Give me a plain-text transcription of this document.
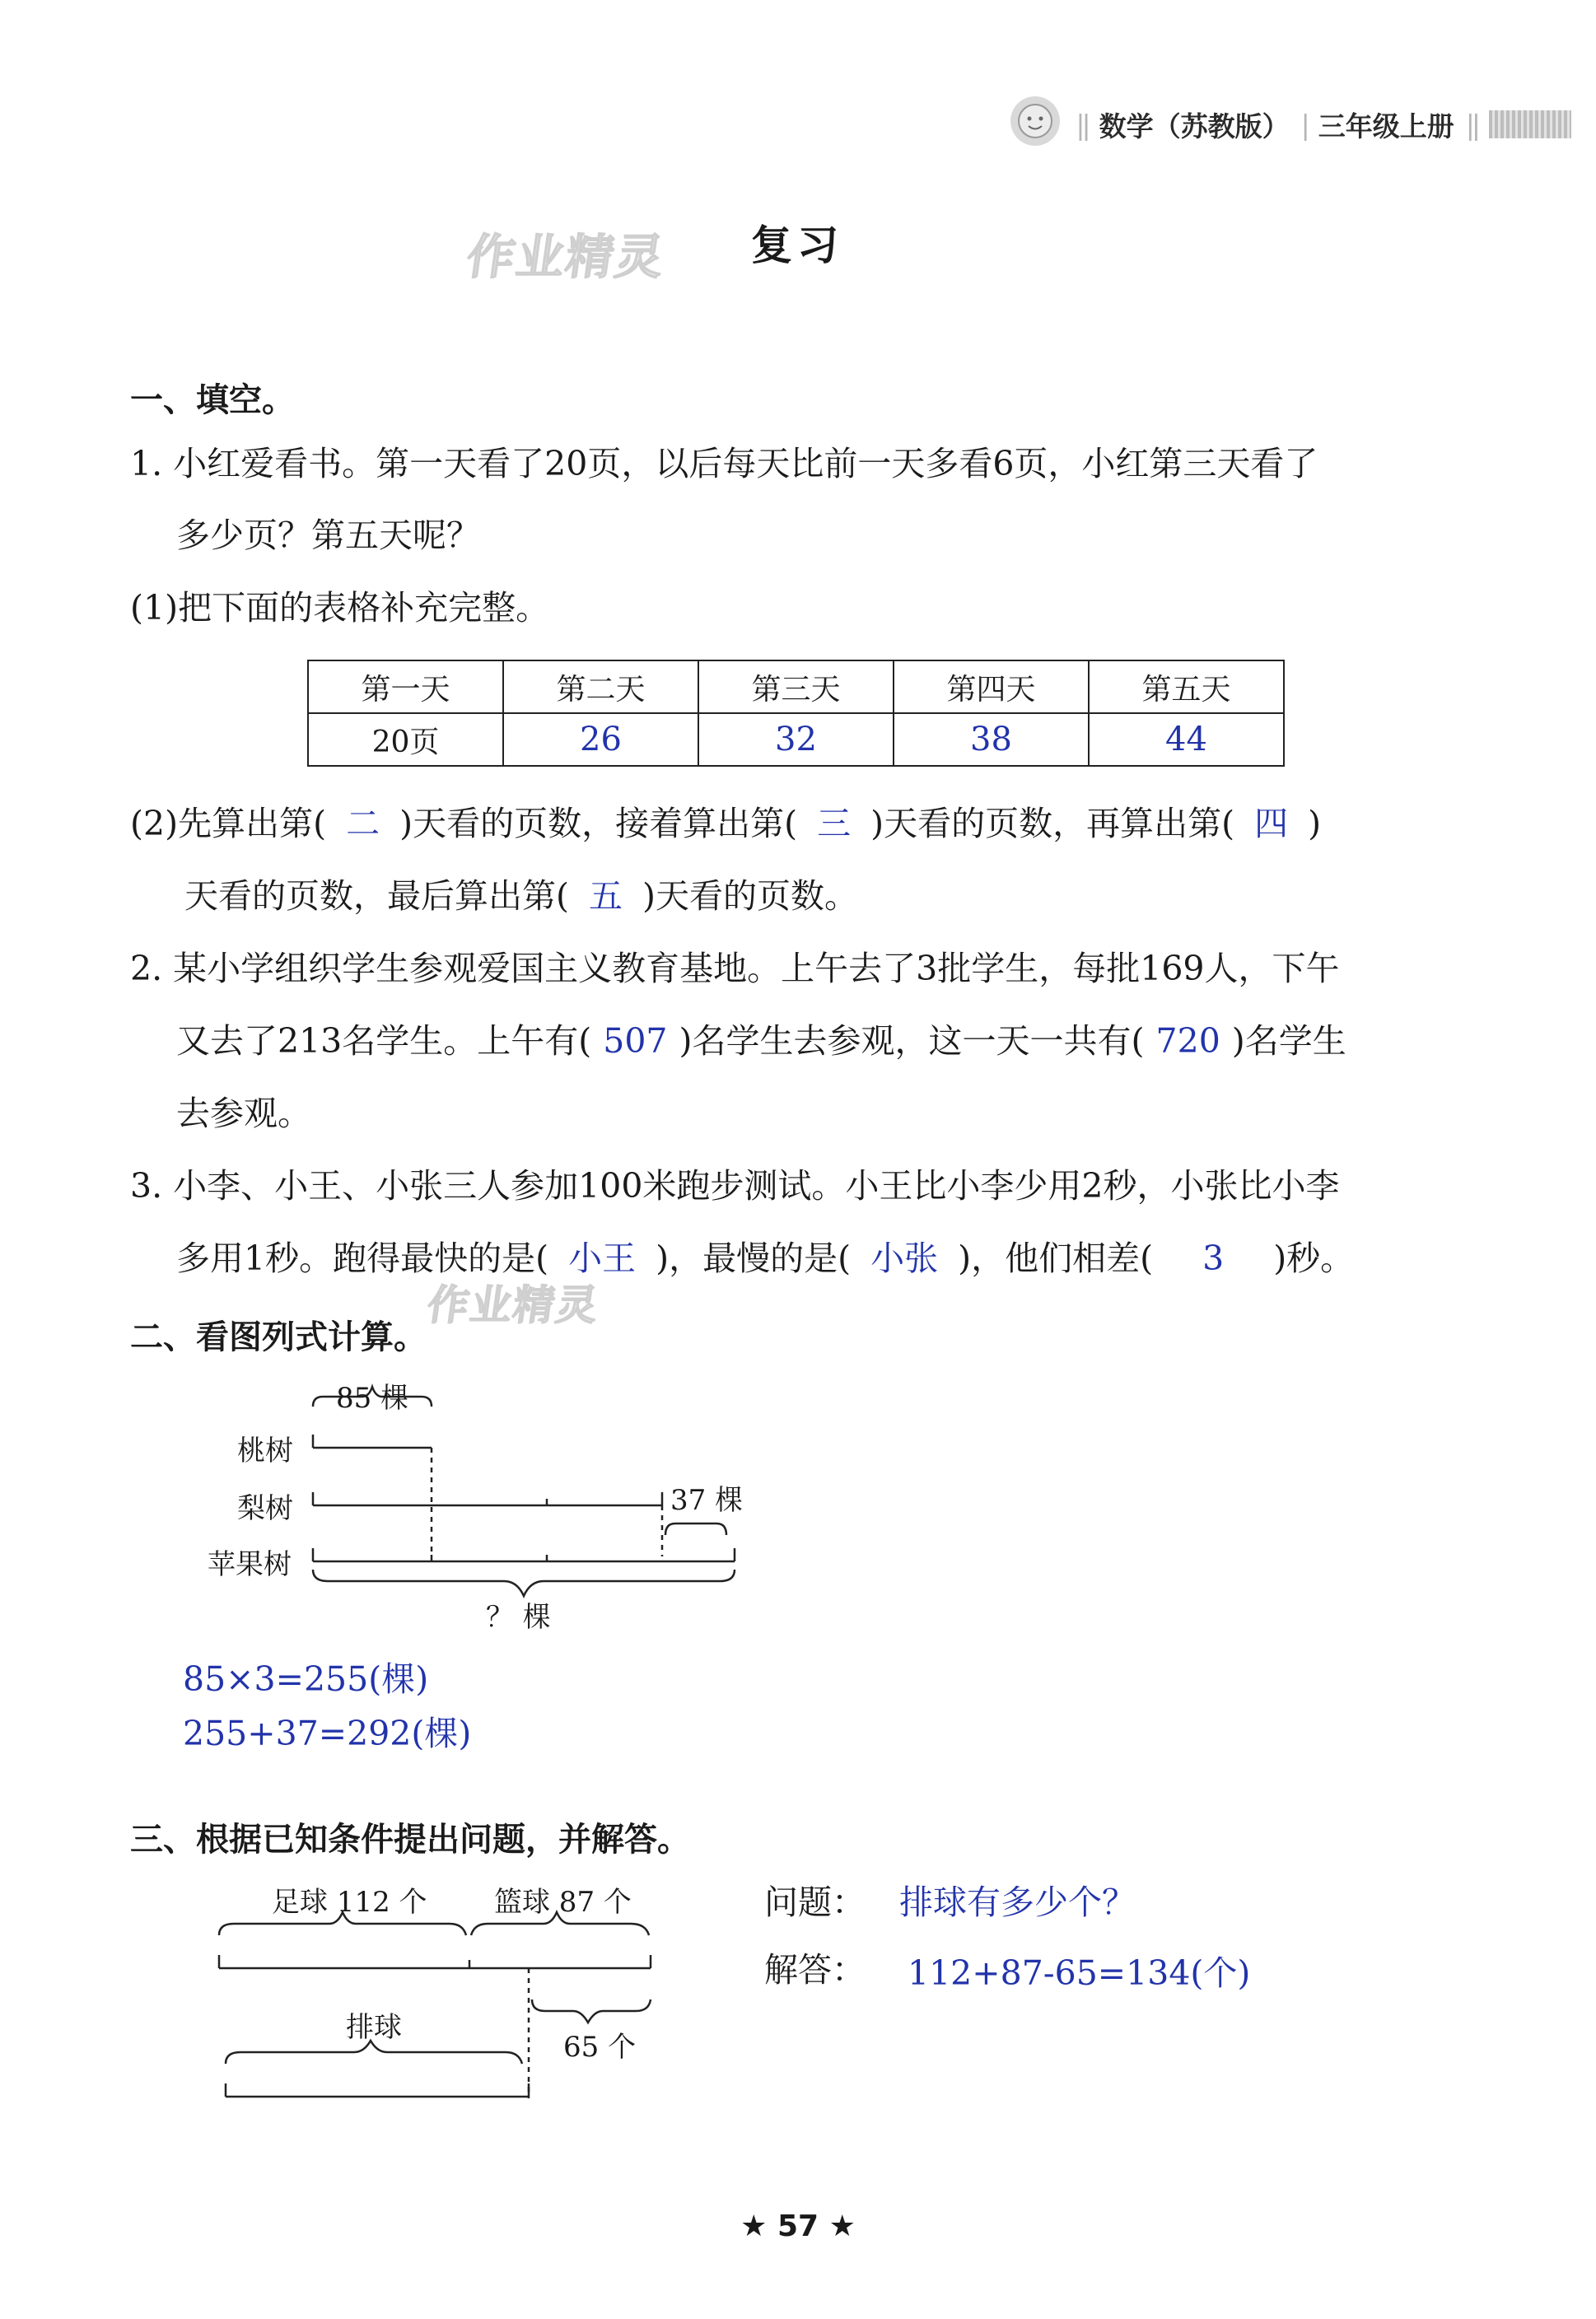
|| 数学（苏教版） | 三年级上册 ||
作业精灵
作业精灵
复习
一、填空。
1. 小红爱看书。第一天看了20页，以后每天比前一天多看6页，小红第三天看了
多少页？第五天呢？
(1)把下面的表格补充完整。
第一天	第二天	第三天	第四天	第五天
20页	26	32	38	44
(2)先算出第( 二 )天看的页数，接着算出第( 三 )天看的页数，再算出第( 四 )
天看的页数，最后算出第( 五 )天看的页数。
2. 某小学组织学生参观爱国主义教育基地。上午去了3批学生，每批169人，下午
又去了213名学生。上午有( 507 )名学生去参观，这一天一共有( 720 )名学生
去参观。
3. 小李、小王、小张三人参加100米跑步测试。小王比小李少用2秒，小张比小李
多用1秒。跑得最快的是( 小王 )，最慢的是( 小张 )，他们相差( 3 )秒。
二、看图列式计算。
85 棵
37 棵
？ 棵
桃树
梨树
苹果树
85×3=255(棵)
255+37=292(棵)
三、根据已知条件提出问题，并解答。
足球 112 个 篮球 87 个
排球
65 个
问题： 排球有多少个？
解答： 112+87-65=134(个)
★ 57 ★
